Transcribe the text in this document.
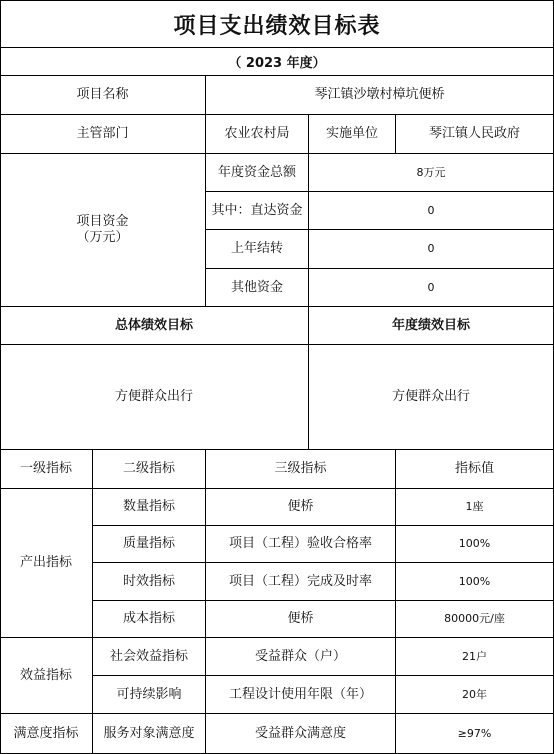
项目支出绩效目标表
（ 2023 年度）
项目名称	琴江镇沙墩村樟坑便桥
主管部门	农业农村局	实施单位	琴江镇人民政府
项目资金
（万元）
年度资金总额	8万元
其中：直达资金	0
上年结转	0
其他资金	0
总体绩效目标	年度绩效目标
方便群众出行	方便群众出行
一级指标	二级指标	三级指标	指标值
产出指标
数量指标	便桥	1座
质量指标	项目（工程）验收合格率	100%
时效指标	项目（工程）完成及时率	100%
成本指标	便桥	80000元/座
效益指标
社会效益指标	受益群众（户）	21户
可持续影响	工程设计使用年限（年）	20年
满意度指标	服务对象满意度	受益群众满意度	≥97%
